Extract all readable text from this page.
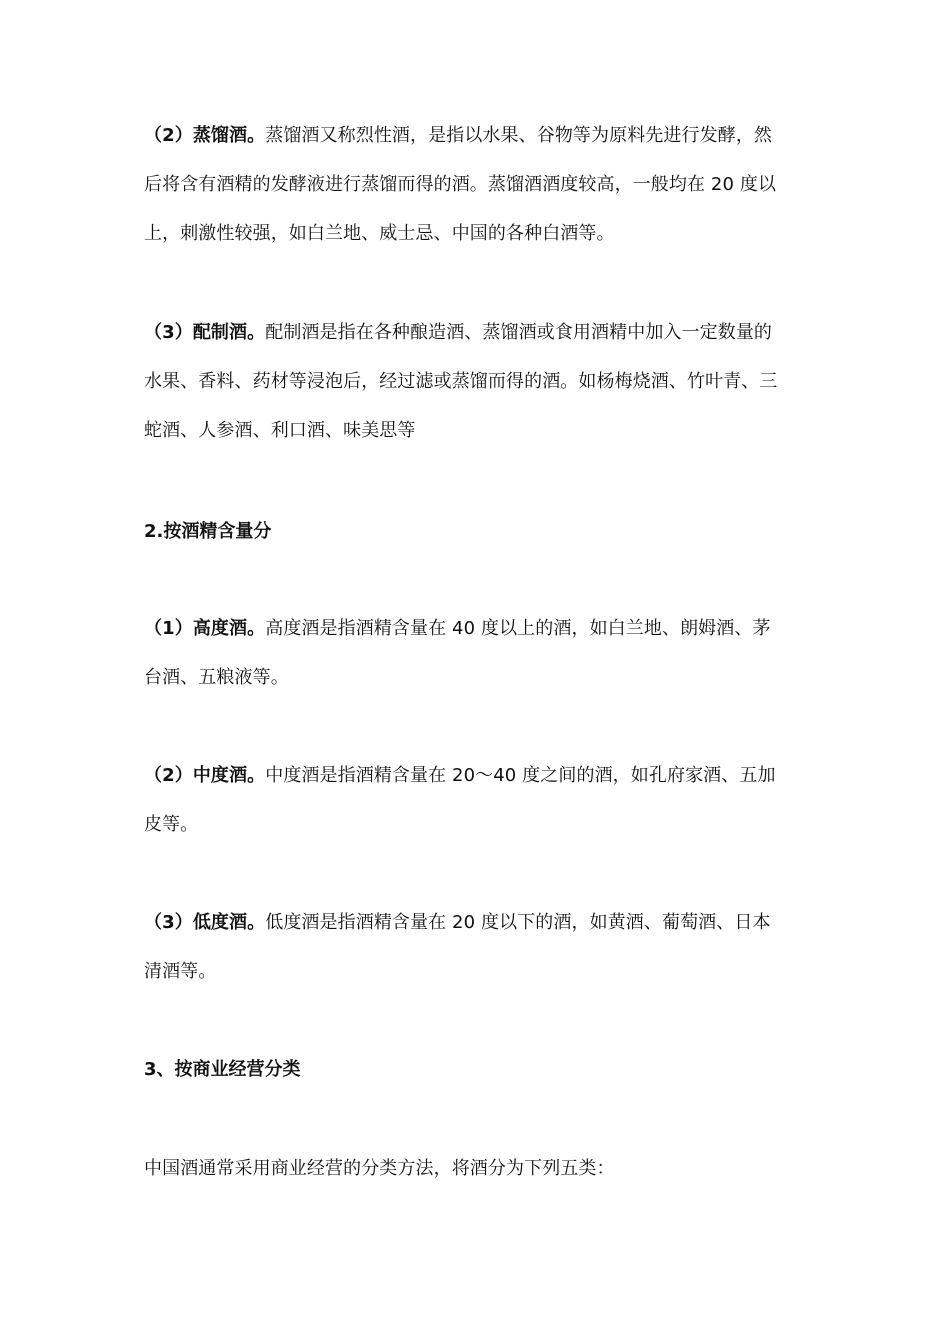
（2）蒸馏酒。蒸馏酒又称烈性酒，是指以水果、谷物等为原料先进行发酵，然
后将含有酒精的发酵液进行蒸馏而得的酒。蒸馏酒酒度较高，一般均在 20 度以
上，刺激性较强，如白兰地、威士忌、中国的各种白酒等。
（3）配制酒。配制酒是指在各种酿造酒、蒸馏酒或食用酒精中加入一定数量的
水果、香料、药材等浸泡后，经过滤或蒸馏而得的酒。如杨梅烧酒、竹叶青、三
蛇酒、人参酒、利口酒、味美思等
2.按酒精含量分
（1）高度酒。高度酒是指酒精含量在 40 度以上的酒，如白兰地、朗姆酒、茅
台酒、五粮液等。
（2）中度酒。中度酒是指酒精含量在 20～40 度之间的酒，如孔府家酒、五加
皮等。
（3）低度酒。低度酒是指酒精含量在 20 度以下的酒，如黄酒、葡萄酒、日本
清酒等。
3、按商业经营分类
中国酒通常采用商业经营的分类方法，将酒分为下列五类：
